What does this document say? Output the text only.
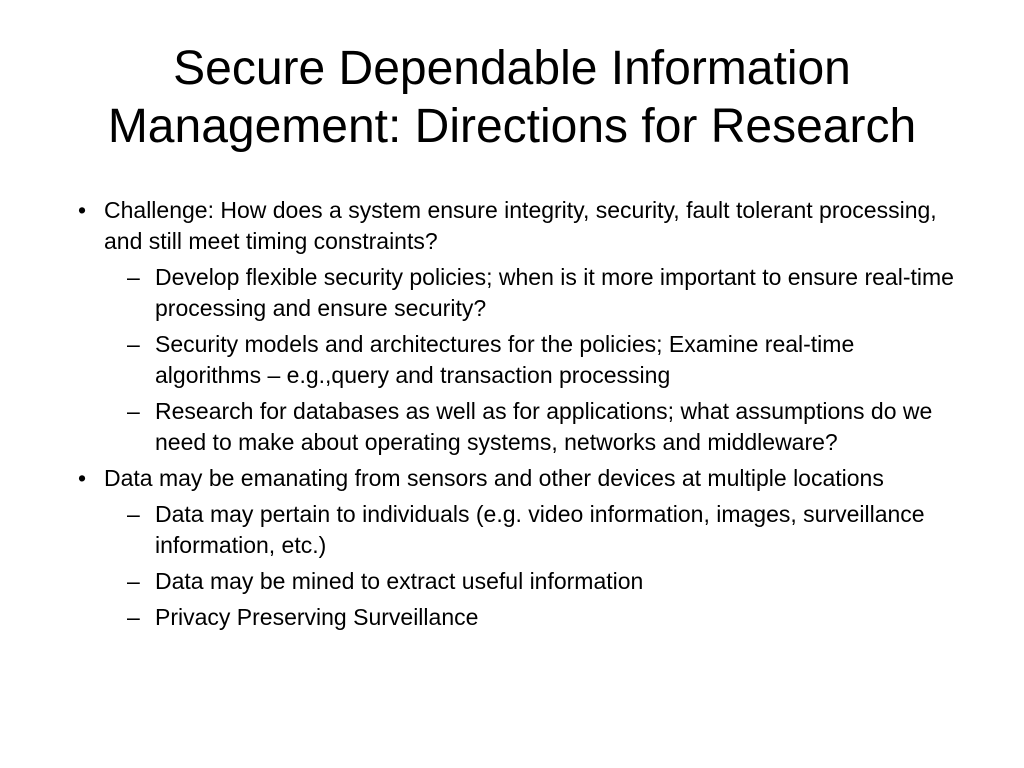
Secure Dependable Information
Management: Directions for Research
• Challenge: How does a system ensure integrity, security, fault tolerant processing, and still meet timing constraints?
– Develop flexible security policies; when is it more important to ensure real-time processing and ensure security?
– Security models and architectures for the policies; Examine real-time algorithms – e.g.,query and transaction processing
– Research for databases as well as for applications; what assumptions do we need to make about operating systems, networks and middleware?
• Data may be emanating from sensors and other devices at multiple locations
– Data may pertain to individuals (e.g. video information, images, surveillance information, etc.)
– Data may be mined to extract useful information
– Privacy Preserving Surveillance
